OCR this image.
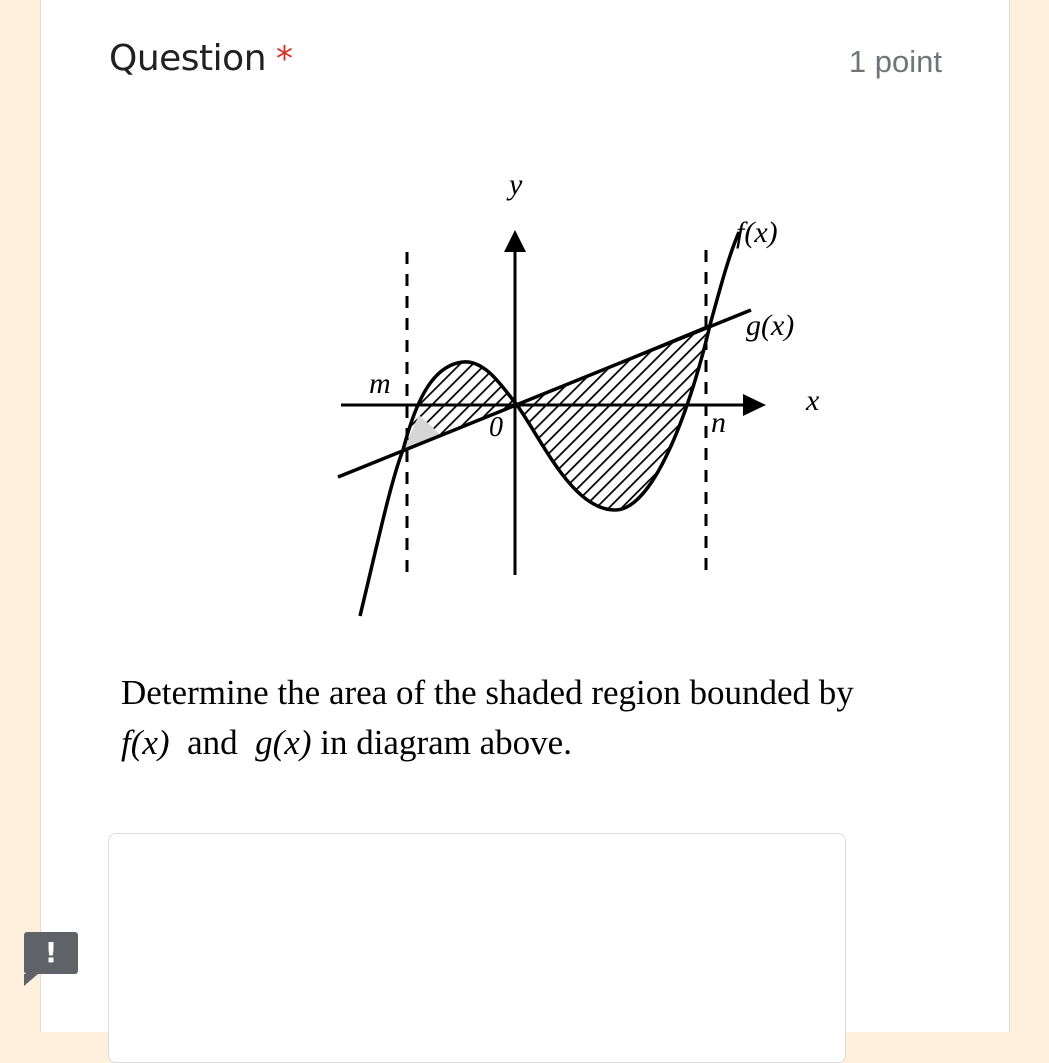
Question *	1 point
y
x
f(x)
g(x)
m
n
0
Determine the area of the shaded region bounded by
f(x) and g(x) in diagram above.
!
